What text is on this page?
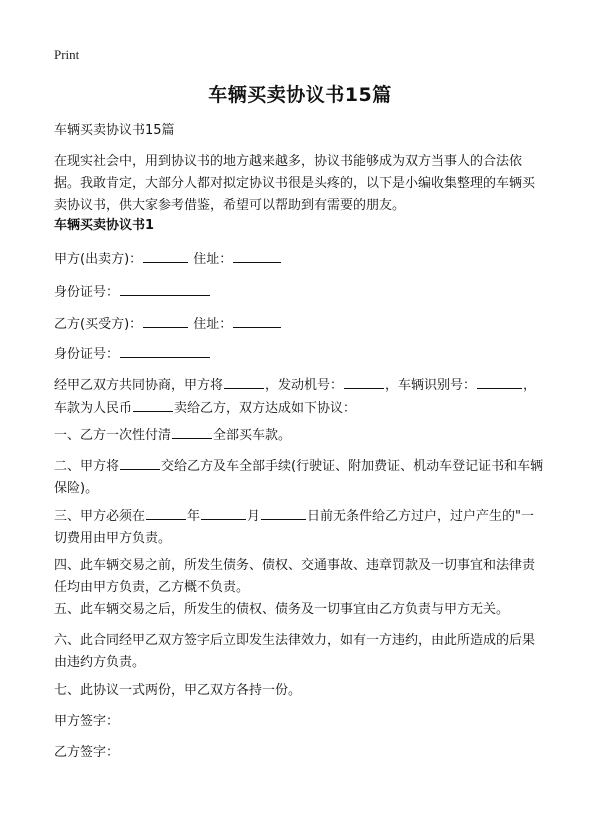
Print
车辆买卖协议书15篇

车辆买卖协议书15篇

在现实社会中，用到协议书的地方越来越多，协议书能够成为双方当事人的合法依据。我敢肯定，大部分人都对拟定协议书很是头疼的，以下是小编收集整理的车辆买卖协议书，供大家参考借鉴，希望可以帮助到有需要的朋友。

车辆买卖协议书1

甲方(出卖方)：	住址：

身份证号：

乙方(买受方)：	住址：

身份证号：

经甲乙双方共同协商，甲方将	，发动机号：	，车辆识别号：	，车款为人民币	卖给乙方，双方达成如下协议：

一、乙方一次性付清	全部买车款。

二、甲方将	交给乙方及车全部手续(行驶证、附加费证、机动车登记证书和车辆保险)。

三、甲方必须在	年	月	日前无条件给乙方过户，过户产生的"一切费用由甲方负责。

四、此车辆交易之前，所发生债务、债权、交通事故、违章罚款及一切事宜和法律责任均由甲方负责，乙方概不负责。

五、此车辆交易之后，所发生的债权、债务及一切事宜由乙方负责与甲方无关。

六、此合同经甲乙双方签字后立即发生法律效力，如有一方违约，由此所造成的后果由违约方负责。

七、此协议一式两份，甲乙双方各持一份。

甲方签字：

乙方签字：
